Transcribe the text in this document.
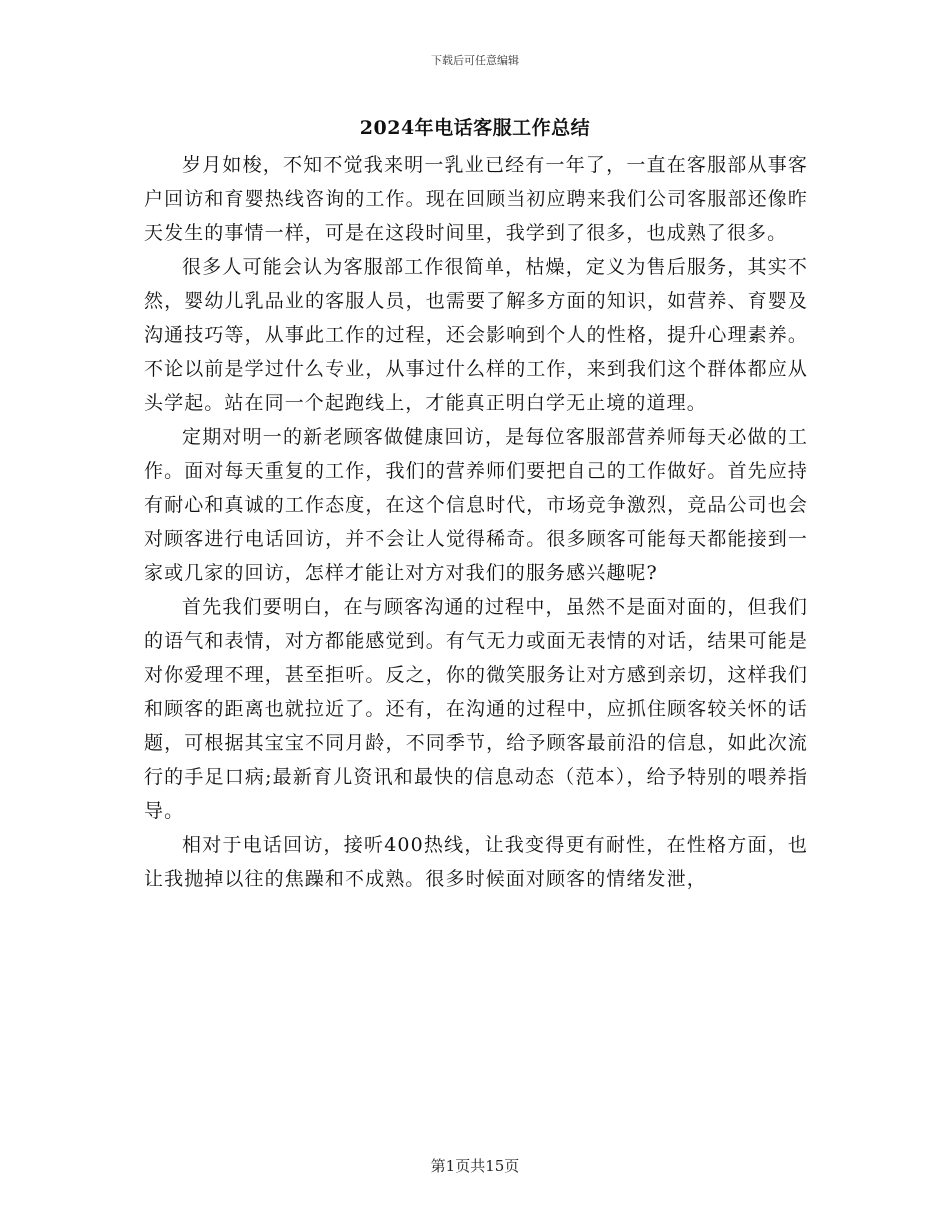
下载后可任意编辑
2024年电话客服工作总结

岁月如梭，不知不觉我来明一乳业已经有一年了，一直在客服部从事客户回访和育婴热线咨询的工作。现在回顾当初应聘来我们公司客服部还像昨天发生的事情一样，可是在这段时间里，我学到了很多，也成熟了很多。

很多人可能会认为客服部工作很简单，枯燥，定义为售后服务，其实不然，婴幼儿乳品业的客服人员，也需要了解多方面的知识，如营养、育婴及沟通技巧等，从事此工作的过程，还会影响到个人的性格，提升心理素养。不论以前是学过什么专业，从事过什么样的工作，来到我们这个群体都应从头学起。站在同一个起跑线上，才能真正明白学无止境的道理。

定期对明一的新老顾客做健康回访，是每位客服部营养师每天必做的工作。面对每天重复的工作，我们的营养师们要把自己的工作做好。首先应持有耐心和真诚的工作态度，在这个信息时代，市场竞争激烈，竞品公司也会对顾客进行电话回访，并不会让人觉得稀奇。很多顾客可能每天都能接到一家或几家的回访，怎样才能让对方对我们的服务感兴趣呢?

首先我们要明白，在与顾客沟通的过程中，虽然不是面对面的，但我们的语气和表情，对方都能感觉到。有气无力或面无表情的对话，结果可能是对你爱理不理，甚至拒听。反之，你的微笑服务让对方感到亲切，这样我们和顾客的距离也就拉近了。还有，在沟通的过程中，应抓住顾客较关怀的话题，可根据其宝宝不同月龄，不同季节，给予顾客最前沿的信息，如此次流行的手足口病;最新育儿资讯和最快的信息动态（范本），给予特别的喂养指导。

相对于电话回访，接听400热线，让我变得更有耐性，在性格方面，也让我抛掉以往的焦躁和不成熟。很多时候面对顾客的情绪发泄，

第1页共15页
